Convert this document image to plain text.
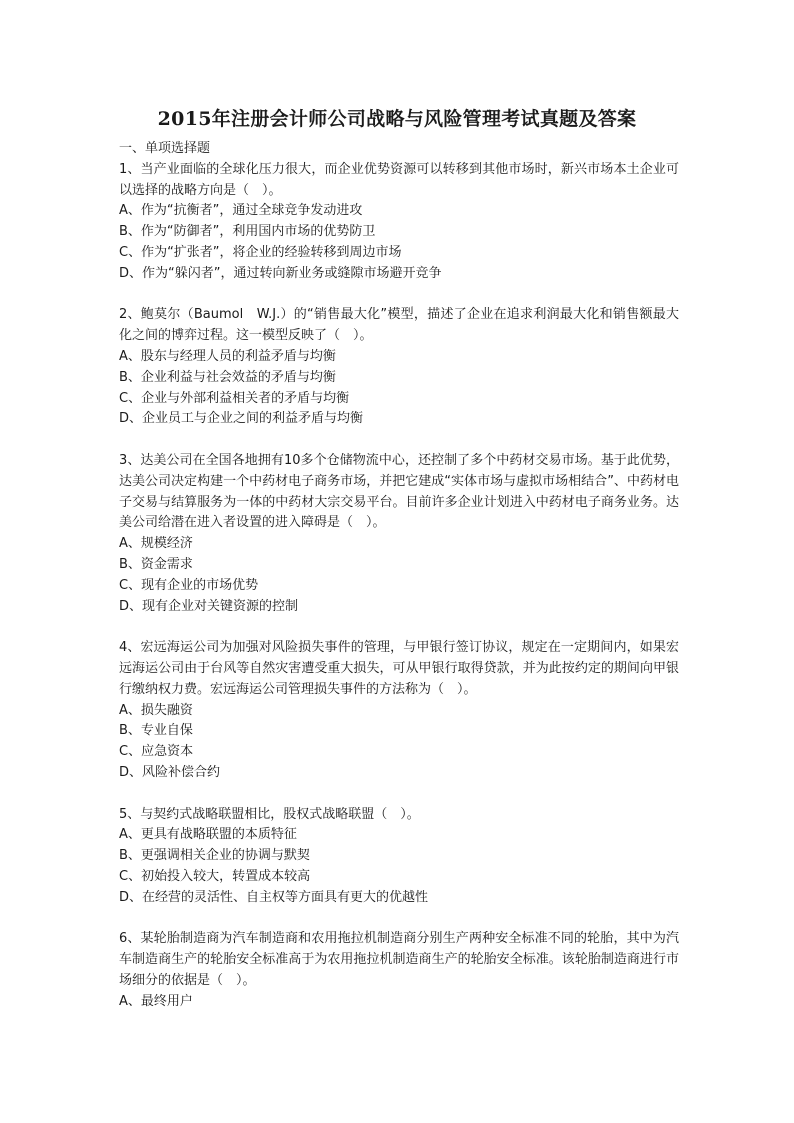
2015年注册会计师公司战略与风险管理考试真题及答案

一、单项选择题

1、当产业面临的全球化压力很大，而企业优势资源可以转移到其他市场时，新兴市场本土企业可以选择的战略方向是（　）。

A、作为“抗衡者”，通过全球竞争发动进攻

B、作为“防御者”，利用国内市场的优势防卫

C、作为“扩张者”，将企业的经验转移到周边市场

D、作为“躲闪者”，通过转向新业务或缝隙市场避开竞争

2、鲍莫尔（Baumol　W.J.）的“销售最大化”模型，描述了企业在追求利润最大化和销售额最大化之间的博弈过程。这一模型反映了（　）。

A、股东与经理人员的利益矛盾与均衡

B、企业利益与社会效益的矛盾与均衡

C、企业与外部利益相关者的矛盾与均衡

D、企业员工与企业之间的利益矛盾与均衡

3、达美公司在全国各地拥有10多个仓储物流中心，还控制了多个中药材交易市场。基于此优势，达美公司决定构建一个中药材电子商务市场，并把它建成“实体市场与虚拟市场相结合”、中药材电子交易与结算服务为一体的中药材大宗交易平台。目前许多企业计划进入中药材电子商务业务。达美公司给潜在进入者设置的进入障碍是（　）。

A、规模经济

B、资金需求

C、现有企业的市场优势

D、现有企业对关键资源的控制

4、宏远海运公司为加强对风险损失事件的管理，与甲银行签订协议，规定在一定期间内，如果宏远海运公司由于台风等自然灾害遭受重大损失，可从甲银行取得贷款，并为此按约定的期间向甲银行缴纳权力费。宏远海运公司管理损失事件的方法称为（　）。

A、损失融资

B、专业自保

C、应急资本

D、风险补偿合约

5、与契约式战略联盟相比，股权式战略联盟（　）。

A、更具有战略联盟的本质特征

B、更强调相关企业的协调与默契

C、初始投入较大，转置成本较高

D、在经营的灵活性、自主权等方面具有更大的优越性

6、某轮胎制造商为汽车制造商和农用拖拉机制造商分别生产两种安全标准不同的轮胎，其中为汽车制造商生产的轮胎安全标准高于为农用拖拉机制造商生产的轮胎安全标准。该轮胎制造商进行市场细分的依据是（　）。

A、最终用户
